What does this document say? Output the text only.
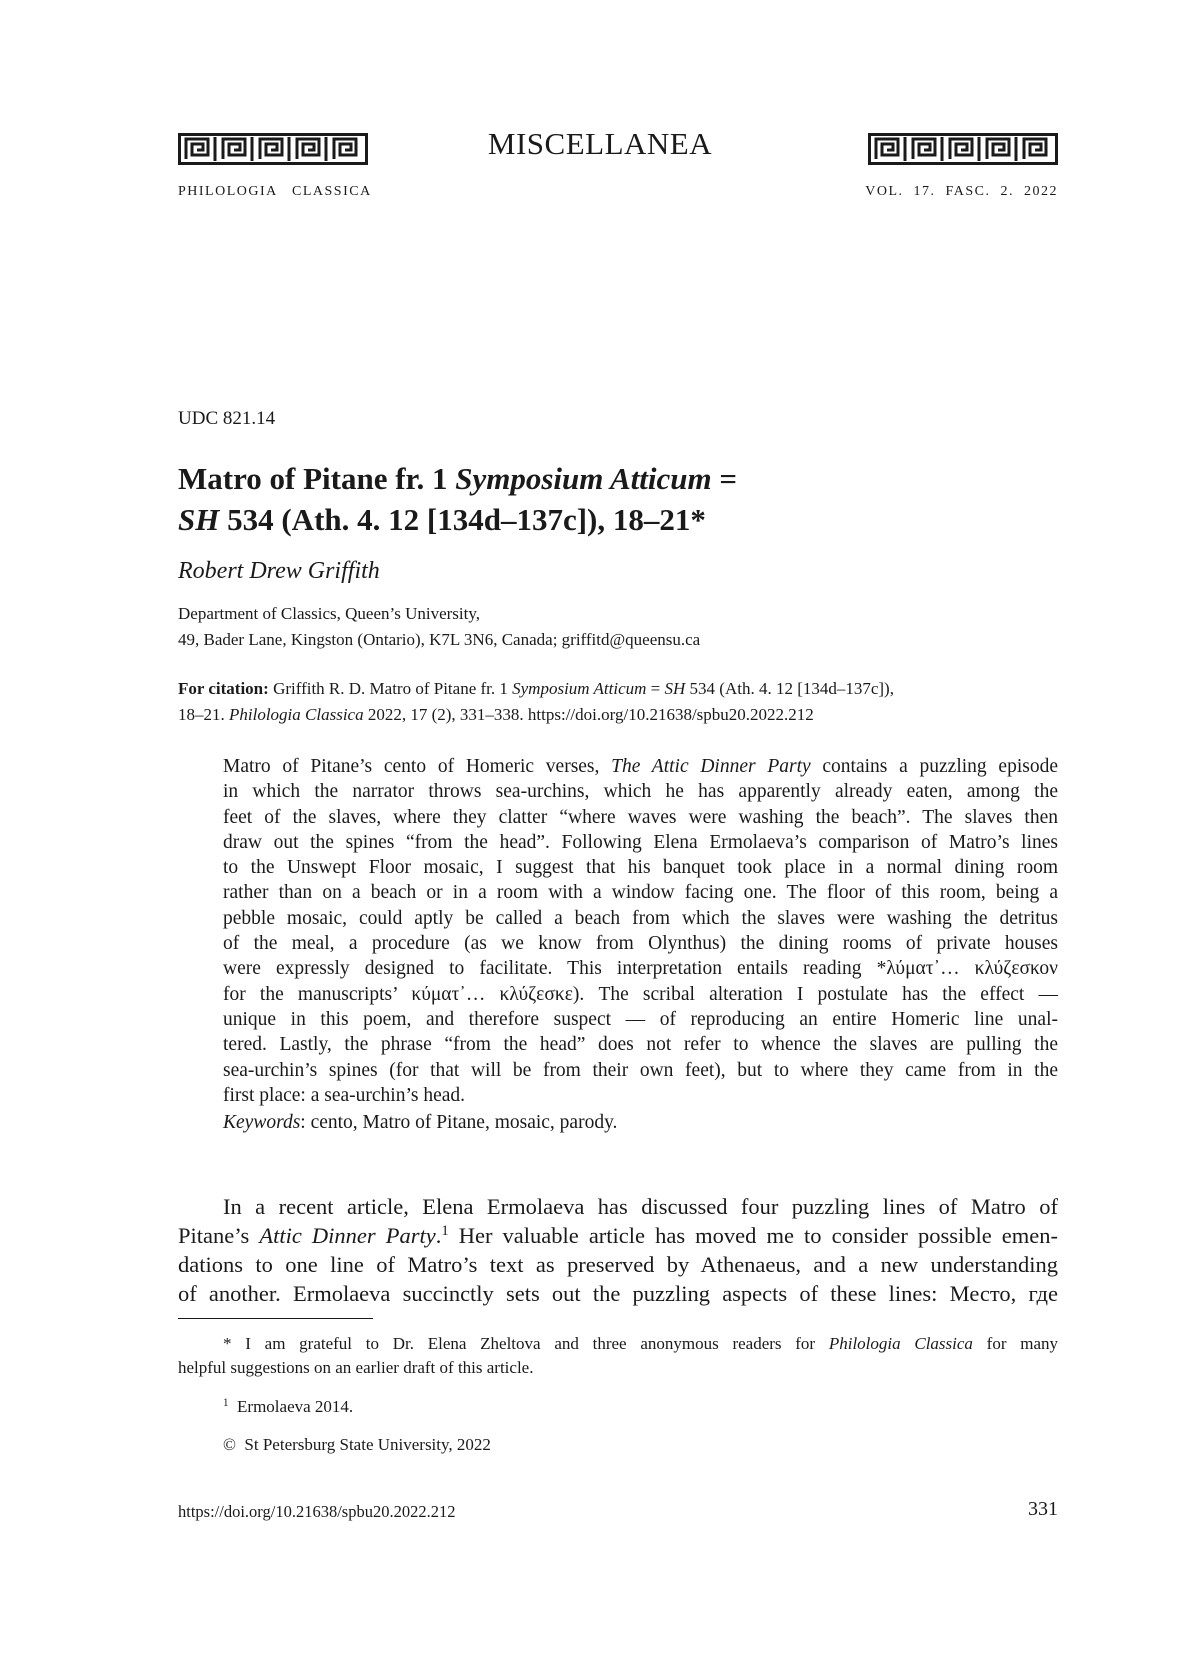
MISCELLANEA
PHILOLOGIA   CLASSICA	VOL.  17.  FASC.  2.  2022
UDC 821.14
Matro of Pitane fr. 1 Symposium Atticum =
SH 534 (Ath. 4. 12 [134d–137c]), 18–21*
Robert Drew Griffith
Department of Classics, Queen’s University,
49, Bader Lane, Kingston (Ontario), K7L 3N6, Canada; griffitd@queensu.ca
For citation: Griffith R. D. Matro of Pitane fr. 1 Symposium Atticum = SH 534 (Ath. 4. 12 [134d–137c]),
18–21. Philologia Classica 2022, 17 (2), 331–338. https://doi.org/10.21638/spbu20.2022.212
Matro of Pitane’s cento of Homeric verses, The Attic Dinner Party contains a puzzling episode
in which the narrator throws sea-urchins, which he has apparently already eaten, among the
feet of the slaves, where they clatter “where waves were washing the beach”. The slaves then
draw out the spines “from the head”. Following Elena Ermolaeva’s comparison of Matro’s lines
to the Unswept Floor mosaic, I suggest that his banquet took place in a normal dining room
rather than on a beach or in a room with a window facing one. The floor of this room, being a
pebble mosaic, could aptly be called a beach from which the slaves were washing the detritus
of the meal, a procedure (as we know from Olynthus) the dining rooms of private houses
were expressly designed to facilitate. This interpretation entails reading *λύματ᾽… κλύζεσκον
for the manuscripts’ κύματ᾽… κλύζεσκε). The scribal alteration I postulate has the effect —
unique in this poem, and therefore suspect — of reproducing an entire Homeric line unal-
tered. Lastly, the phrase “from the head” does not refer to whence the slaves are pulling the
sea-urchin’s spines (for that will be from their own feet), but to where they came from in the
first place: a sea-urchin’s head.
Keywords: cento, Matro of Pitane, mosaic, parody.
In a recent article, Elena Ermolaeva has discussed four puzzling lines of Matro of
Pitane’s Attic Dinner Party.$^1$ Her valuable article has moved me to consider possible emen-
dations to one line of Matro’s text as preserved by Athenaeus, and a new understanding
of another. Ermolaeva succinctly sets out the puzzling aspects of these lines: Место, где
* I am grateful to Dr. Elena Zheltova and three anonymous readers for Philologia Classica for many
helpful suggestions on an earlier draft of this article.
$^1$  Ermolaeva 2014.
©  St Petersburg State University, 2022
https://doi.org/10.21638/spbu20.2022.212	331
